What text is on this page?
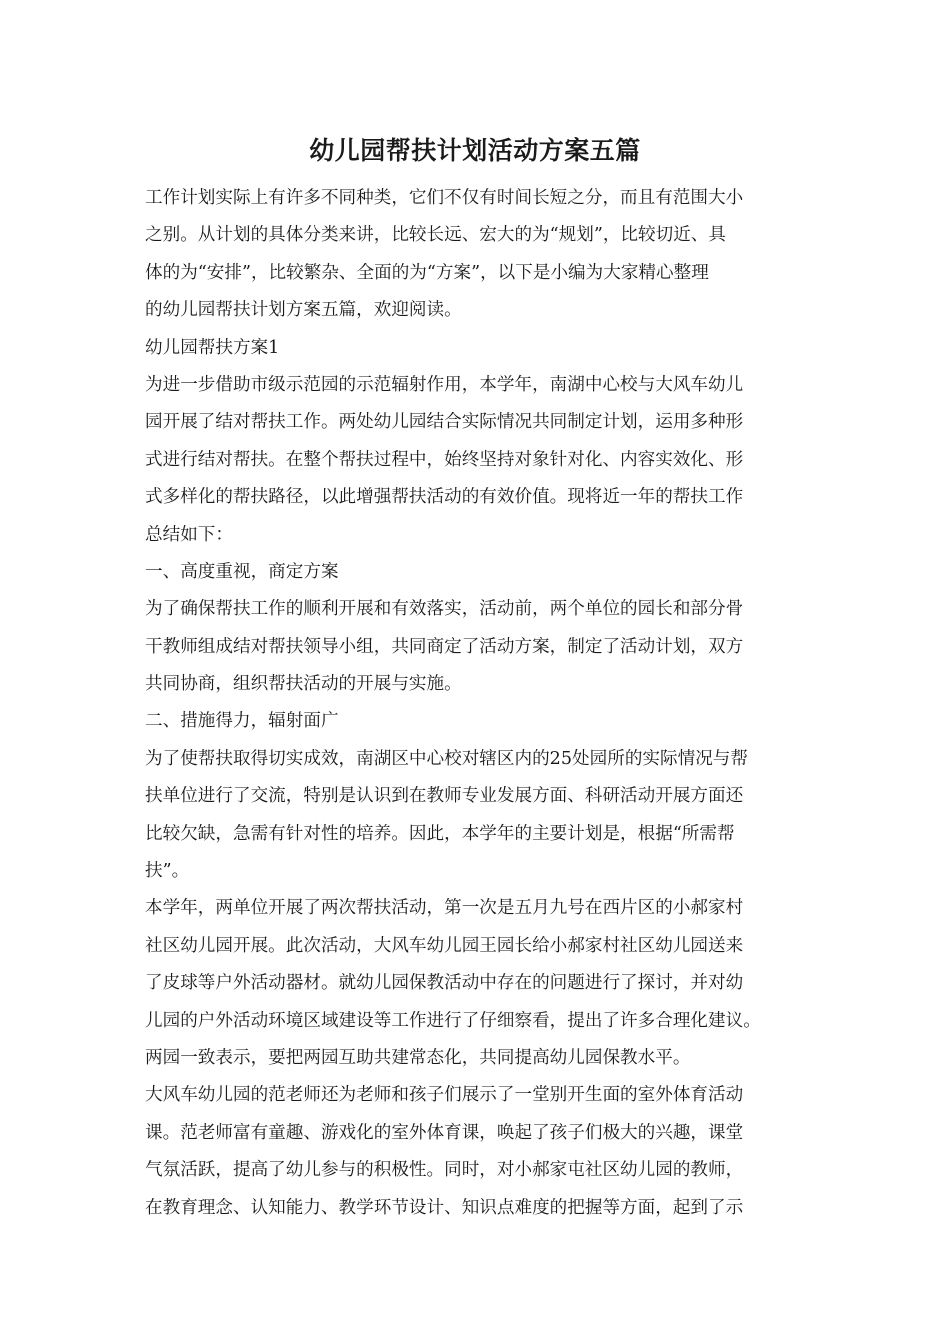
幼儿园帮扶计划活动方案五篇
工作计划实际上有许多不同种类，它们不仅有时间长短之分，而且有范围大小
之别。从计划的具体分类来讲，比较长远、宏大的为“规划”，比较切近、具
体的为“安排”，比较繁杂、全面的为“方案”，以下是小编为大家精心整理
的幼儿园帮扶计划方案五篇，欢迎阅读。
幼儿园帮扶方案1
为进一步借助市级示范园的示范辐射作用，本学年，南湖中心校与大风车幼儿
园开展了结对帮扶工作。两处幼儿园结合实际情况共同制定计划，运用多种形
式进行结对帮扶。在整个帮扶过程中，始终坚持对象针对化、内容实效化、形
式多样化的帮扶路径，以此增强帮扶活动的有效价值。现将近一年的帮扶工作
总结如下：
一、高度重视，商定方案
为了确保帮扶工作的顺利开展和有效落实，活动前，两个单位的园长和部分骨
干教师组成结对帮扶领导小组，共同商定了活动方案，制定了活动计划，双方
共同协商，组织帮扶活动的开展与实施。
二、措施得力，辐射面广
为了使帮扶取得切实成效，南湖区中心校对辖区内的25处园所的实际情况与帮
扶单位进行了交流，特别是认识到在教师专业发展方面、科研活动开展方面还
比较欠缺，急需有针对性的培养。因此，本学年的主要计划是，根据“所需帮
扶”。
本学年，两单位开展了两次帮扶活动，第一次是五月九号在西片区的小郝家村
社区幼儿园开展。此次活动，大风车幼儿园王园长给小郝家村社区幼儿园送来
了皮球等户外活动器材。就幼儿园保教活动中存在的问题进行了探讨，并对幼
儿园的户外活动环境区域建设等工作进行了仔细察看，提出了许多合理化建议。
两园一致表示，要把两园互助共建常态化，共同提高幼儿园保教水平。
大风车幼儿园的范老师还为老师和孩子们展示了一堂别开生面的室外体育活动
课。范老师富有童趣、游戏化的室外体育课，唤起了孩子们极大的兴趣，课堂
气氛活跃，提高了幼儿参与的积极性。同时，对小郝家屯社区幼儿园的教师，
在教育理念、认知能力、教学环节设计、知识点难度的把握等方面，起到了示
